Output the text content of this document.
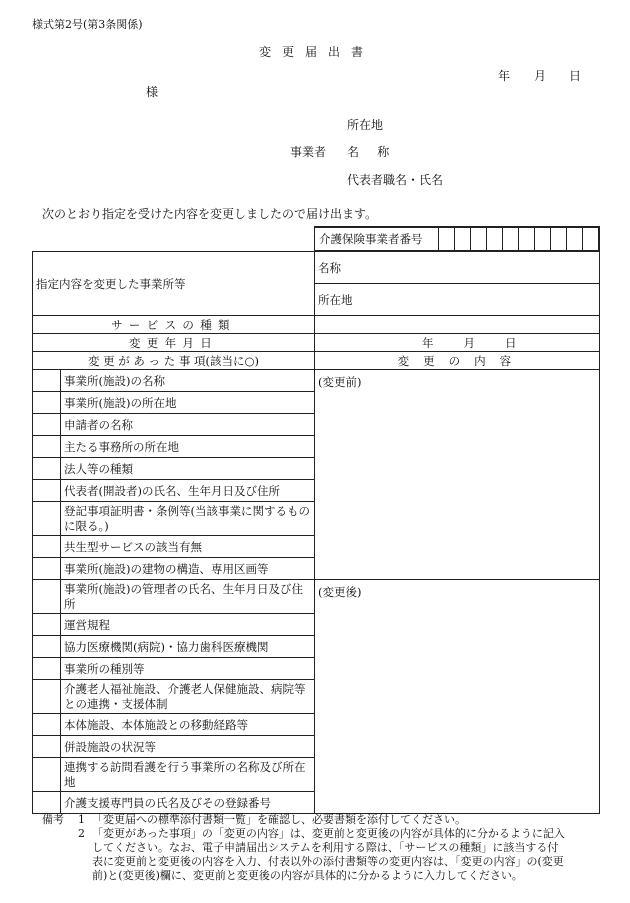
様式第2号(第3条関係)
変 更 届 出 書
年 月 日
様
所在地
事業者 名 称
代表者職名・氏名
次のとおり指定を受けた内容を変更しましたので届け出ます。

介護保険事業者番号										

指定内容を変更した事業所等	名称
所在地
サービスの種類	
変更年月日	年	月	日
変 更 が あ っ た 事 項(該当に○)	変 更 の 内 容
	事業所(施設)の名称	(変更前)
	事業所(施設)の所在地
	申請者の名称
	主たる事務所の所在地
	法人等の種類
	代表者(開設者)の氏名、生年月日及び住所
	登記事項証明書・条例等(当該事業に関するものに限る。)
	共生型サービスの該当有無
	事業所(施設)の建物の構造、専用区画等
	事業所(施設)の管理者の氏名、生年月日及び住所	(変更後)
	運営規程
	協力医療機関(病院)・協力歯科医療機関
	事業所の種別等
	介護老人福祉施設、介護老人保健施設、病院等との連携・支援体制
	本体施設、本体施設との移動経路等
	併設施設の状況等
	連携する訪問看護を行う事業所の名称及び所在地
	介護支援専門員の氏名及びその登録番号
備考 1 「変更届への標準添付書類一覧」を確認し、必要書類を添付してください。
2 「変更があった事項」の「変更の内容」は、変更前と変更後の内容が具体的に分かるように記入
してください。なお、電子申請届出システムを利用する際は、「サービスの種類」に該当する付
表に変更前と変更後の内容を入力、付表以外の添付書類等の変更内容は、「変更の内容」の(変更
前)と(変更後)欄に、変更前と変更後の内容が具体的に分かるように入力してください。
